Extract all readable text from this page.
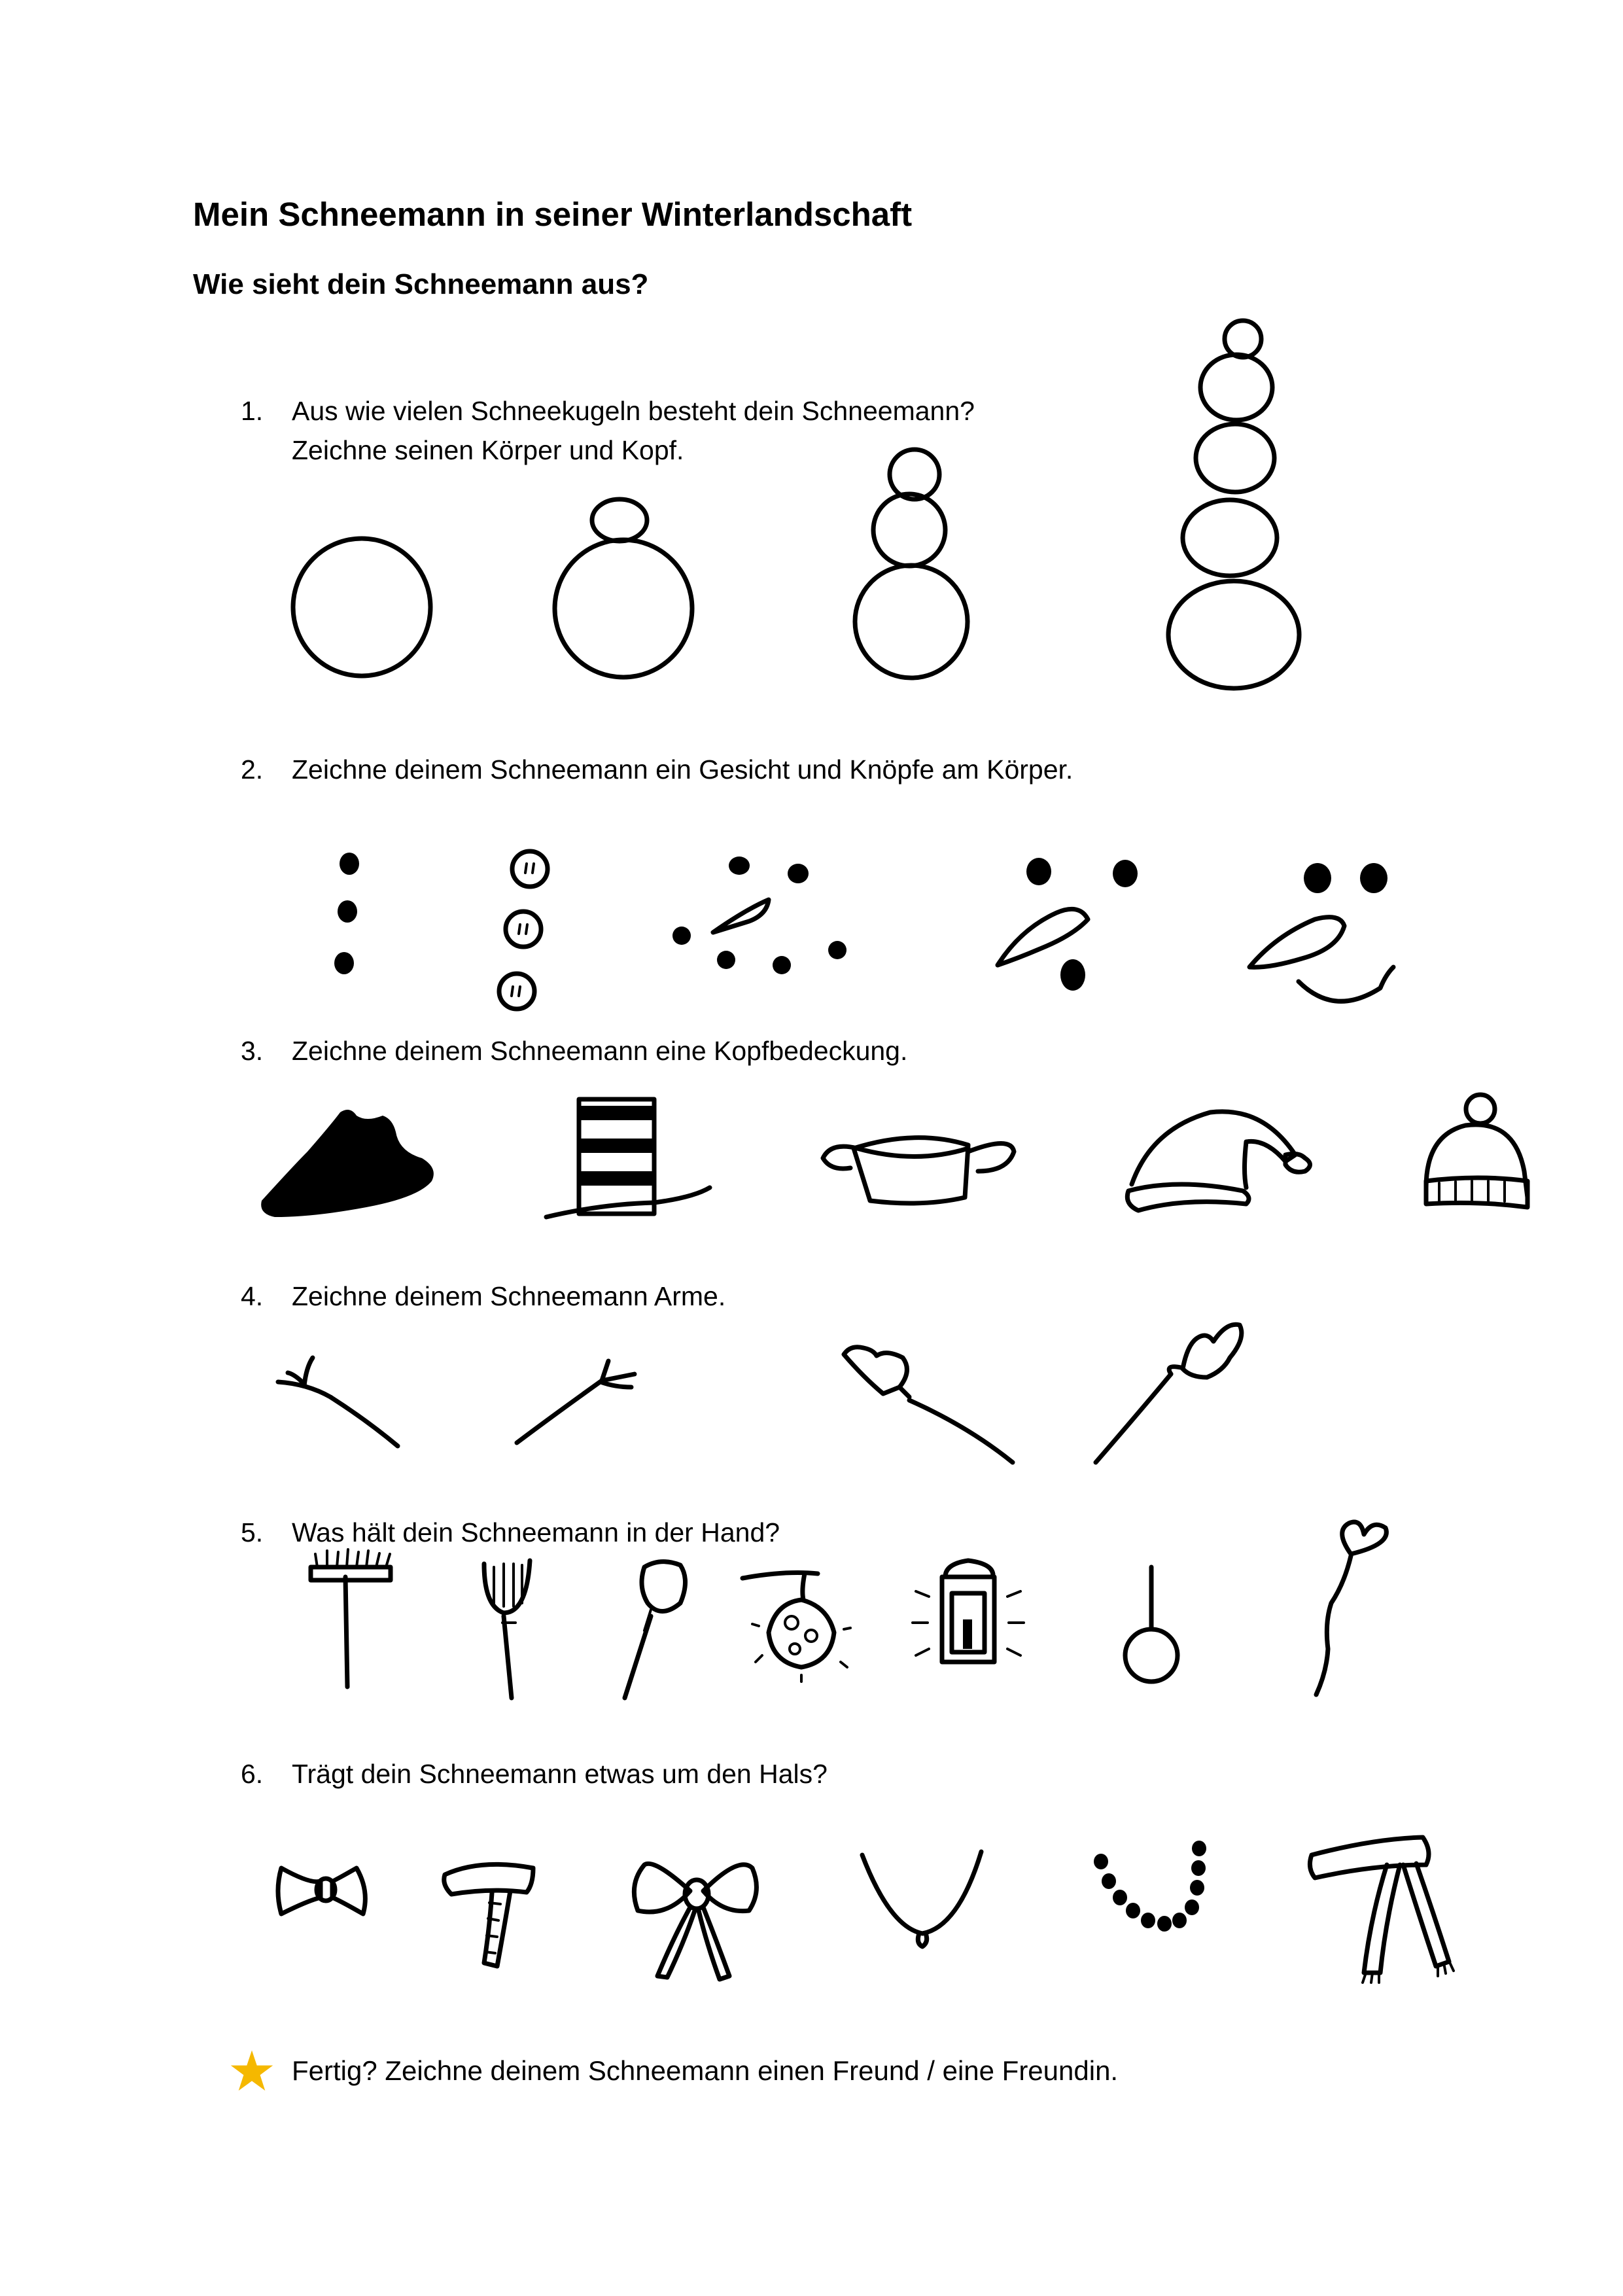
Mein Schneemann in seiner Winterlandschaft
Wie sieht dein Schneemann aus?
1. Aus wie vielen Schneekugeln besteht dein Schneemann?
Zeichne seinen Körper und Kopf.
2. Zeichne deinem Schneemann ein Gesicht und Knöpfe am Körper.
3. Zeichne deinem Schneemann eine Kopfbedeckung.
4. Zeichne deinem Schneemann Arme.
5. Was hält dein Schneemann in der Hand?
6. Trägt dein Schneemann etwas um den Hals?
Fertig? Zeichne deinem Schneemann einen Freund / eine Freundin.
